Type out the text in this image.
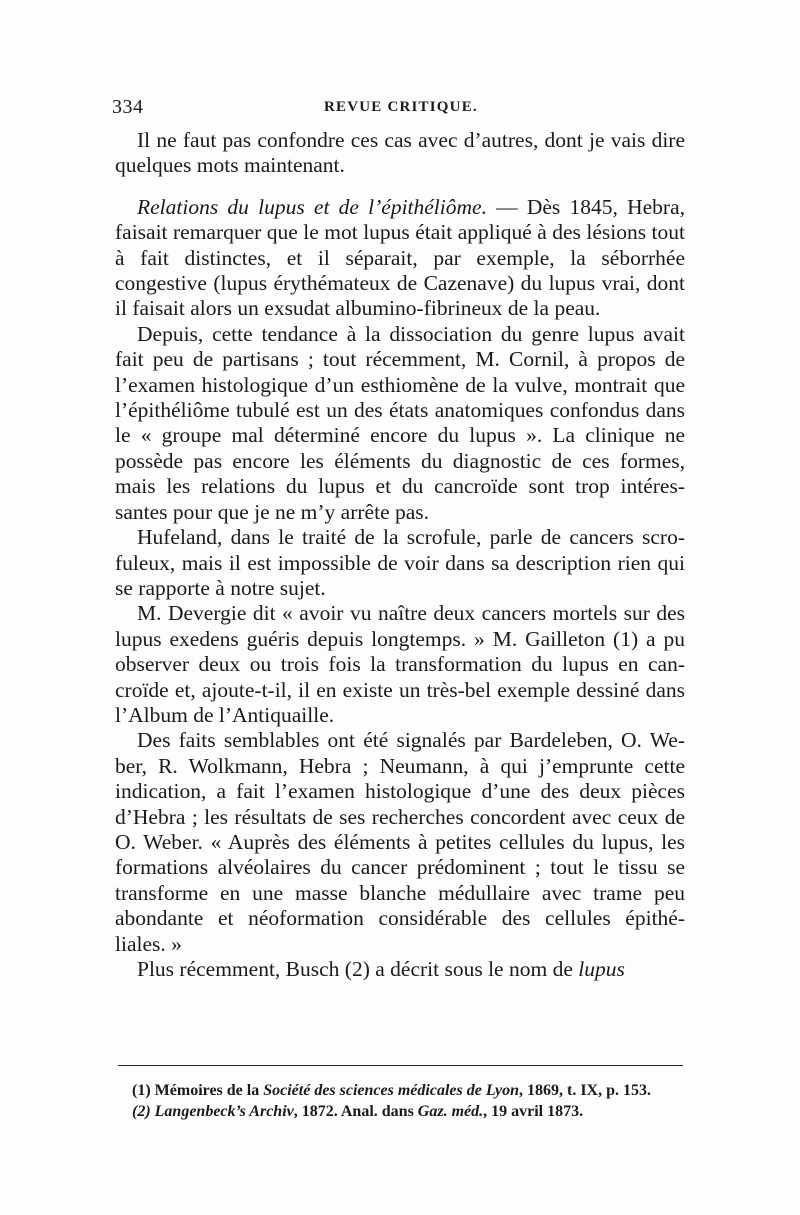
334	REVUE CRITIQUE.

Il ne faut pas confondre ces cas avec d’autres, dont je vais dire quelques mots maintenant.

Relations du lupus et de l’épithéliôme. — Dès 1845, Hebra, faisait remarquer que le mot lupus était appliqué à des lésions tout à fait distinctes, et il séparait, par exemple, la séborrhée congestive (lupus érythémateux de Cazenave) du lupus vrai, dont il faisait alors un exsudat albumino-fibrineux de la peau.

Depuis, cette tendance à la dissociation du genre lupus avait fait peu de partisans ; tout récemment, M. Cornil, à propos de l’examen histologique d’un esthiomène de la vulve, montrait que l’épithéliôme tubulé est un des états anatomiques confondus dans le « groupe mal déterminé encore du lupus ». La clinique ne possède pas encore les éléments du diagnostic de ces formes, mais les relations du lupus et du cancroïde sont trop intéres- santes pour que je ne m’y arrête pas.

Hufeland, dans le traité de la scrofule, parle de cancers scro- fuleux, mais il est impossible de voir dans sa description rien qui se rapporte à notre sujet.

M. Devergie dit « avoir vu naître deux cancers mortels sur des lupus exedens guéris depuis longtemps. » M. Gailleton (1) a pu observer deux ou trois fois la transformation du lupus en can- croïde et, ajoute-t-il, il en existe un très-bel exemple dessiné dans l’Album de l’Antiquaille.

Des faits semblables ont été signalés par Bardeleben, O. We- ber, R. Wolkmann, Hebra ; Neumann, à qui j’emprunte cette indication, a fait l’examen histologique d’une des deux pièces d’Hebra ; les résultats de ses recherches concordent avec ceux de O. Weber. « Auprès des éléments à petites cellules du lupus, les formations alvéolaires du cancer prédominent ; tout le tissu se transforme en une masse blanche médullaire avec trame peu abondante et néoformation considérable des cellules épithé- liales. »

Plus récemment, Busch (2) a décrit sous le nom de lupus

(1) Mémoires de la Société des sciences médicales de Lyon, 1869, t. IX, p. 153.

(2) Langenbeck’s Archiv, 1872. Anal. dans Gaz. méd., 19 avril 1873.
